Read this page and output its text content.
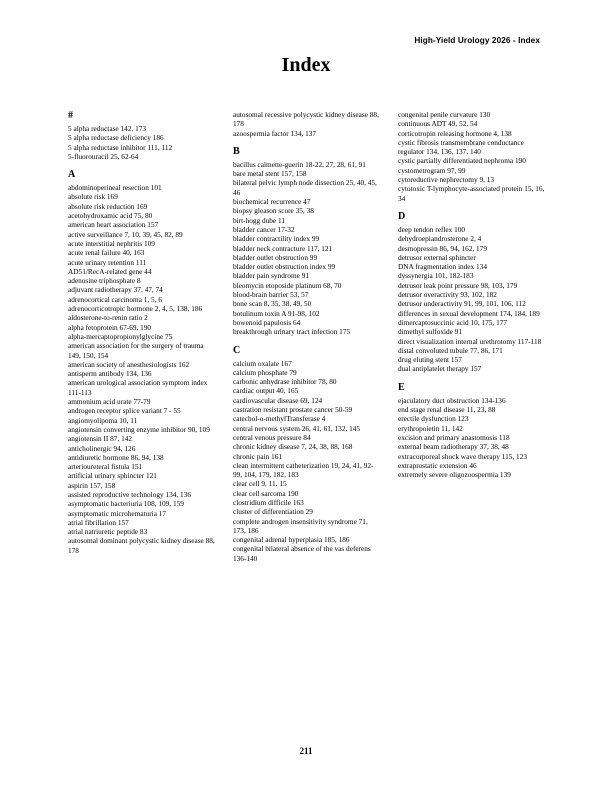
High-Yield Urology 2026 - Index
Index
#

5 alpha reductase 142, 173

5 alpha reductase deficiency 186

5 alpha reductase inhibitor 111, 112

5-fluorouracil 25, 62-64

A

abdominoperineal resection 101

absolute risk 169

absolute risk reduction 169

acetohydroxamic acid 75, 80

american heart association 157

active surveillance 7, 10, 39, 45, 82, 89

acute interstitial nephritis 109

acute renal failure 40, 163

acute urinary retention 111

AD51/RecA-related gene 44

adenosine triphosphate 8

adjuvant radiotherapy 37, 47, 74

adrenocortical carcinoma 1, 5, 6

adrenocorticotropic hormone 2, 4, 5, 138, 186

aldosterone-to-renin ratio 2

alpha fetoprotein 67-69, 190

alpha-mercaptopropionylglycine 75

american association for the surgery of trauma 149, 150, 154

american society of anesthesiologists 162

antisperm antibody 134, 136

american urological association symptom index 111-113

ammonium acid urate 77-79

androgen receptor splice variant 7 - 55

angiomyolipoma 10, 11

angiotensin converting enzyme inhibitor 90, 109

angiotensin II 87, 142

anticholinergic 94, 126

antidiuretic hormone 86, 94, 138

arterioureteral fistula 151

artificial urinary sphincter 121

aspirin 157, 158

assisted reproductive technology 134, 136

asymptomatic bacteriuria 108, 109, 159

asymptomatic microhematuria 17

atrial fibrillation 157

atrial natriuretic peptide 83

autosomal dominant polycystic kidney disease 88, 178

autosomal recessive polycystic kidney disease 88, 178

azoospermia factor 134, 137

B

bacillus calmette-guerin 18-22, 27, 28, 61, 91

bare metal stent 157, 158

bilateral pelvic lymph node dissection 25, 40, 45, 46

biochemical recurrence 47

biopsy gleason score 35, 38

birt-hogg dube 11

bladder cancer 17-32

bladder contractility index 99

bladder neck contracture 117, 121

bladder outlet obstruction 99

bladder outlet obstruction index 99

bladder pain syndrome 91

bleomycin etoposide platinum 68, 70

blood-brain barrier 53, 57

bone scan 8, 35, 38, 49, 50

botulinum toxin A 91-98, 102

bowenoid papulosis 64

breakthrough urinary tract infection 175

C

calcium oxalate 167

calcium phosphate 79

carbonic anhydrase inhibitor 78, 80

cardiac output 40, 165

cardiovascular disease 69, 124

castration resistant prostate cancer 50-59

catechol-o-methylTransferase 4

central nervous system 26, 41, 61, 132, 145

central venous pressure 84

chronic kidney disease 7, 24, 38, 88, 168

chronic pain 161

clean intermittent catheterization 19, 24, 41, 92- 99, 104, 179, 182, 183

clear cell 9, 11, 15

clear cell sarcoma 190

clostridium difficile 163

cluster of differentiation 29

complete androgen insensitivity syndrome 71, 173, 186

congenital adrenal hyperplasia 185, 186

congenital bilateral absence of the vas deferens 136-140

congenital penile curvature 130

continuous ADT 49, 52, 54

corticotropin releasing hormone 4, 138

cystic fibrosis transmembrane conductance regulator 134, 136, 137, 140

cystic partially differentiated nephroma 190

cystometrogram 97, 99

cytoreductive nephrectomy 9, 13

cytotoxic T-lymphocyte-associated protein 15, 16, 34

D

deep tendon reflex 100

dehydroepiandrosterone 2, 4

desmopressin 86, 94, 162, 179

detrusor external sphincter

DNA fragmentation index 134

dyssynergia 101, 182-183

detrusor leak point pressure 98, 103, 179

detrusor overactivity 93, 102, 182

detrusor underactivity 91, 99, 101, 106, 112

differences in sexual development 174, 184, 189

dimercaptosuccinic acid 10, 175, 177

dimethyl sulfoxide 91

direct visualization internal urethrotomy 117-118

distal convoluted tubule 77, 86, 171

drug eluting stent 157

dual antiplatelet therapy 157

E

ejaculatory duct obstruction 134-136

end stage renal disease 11, 23, 88

erectile dysfunction 123

erythropoietin 11, 142

excision and primary anastomosis 118

external beam radiotherapy 37, 38, 48

extracorporeal shock wave therapy 115, 123

extraprostatic extension 46

extremely severe oligozoospermia 139

211
